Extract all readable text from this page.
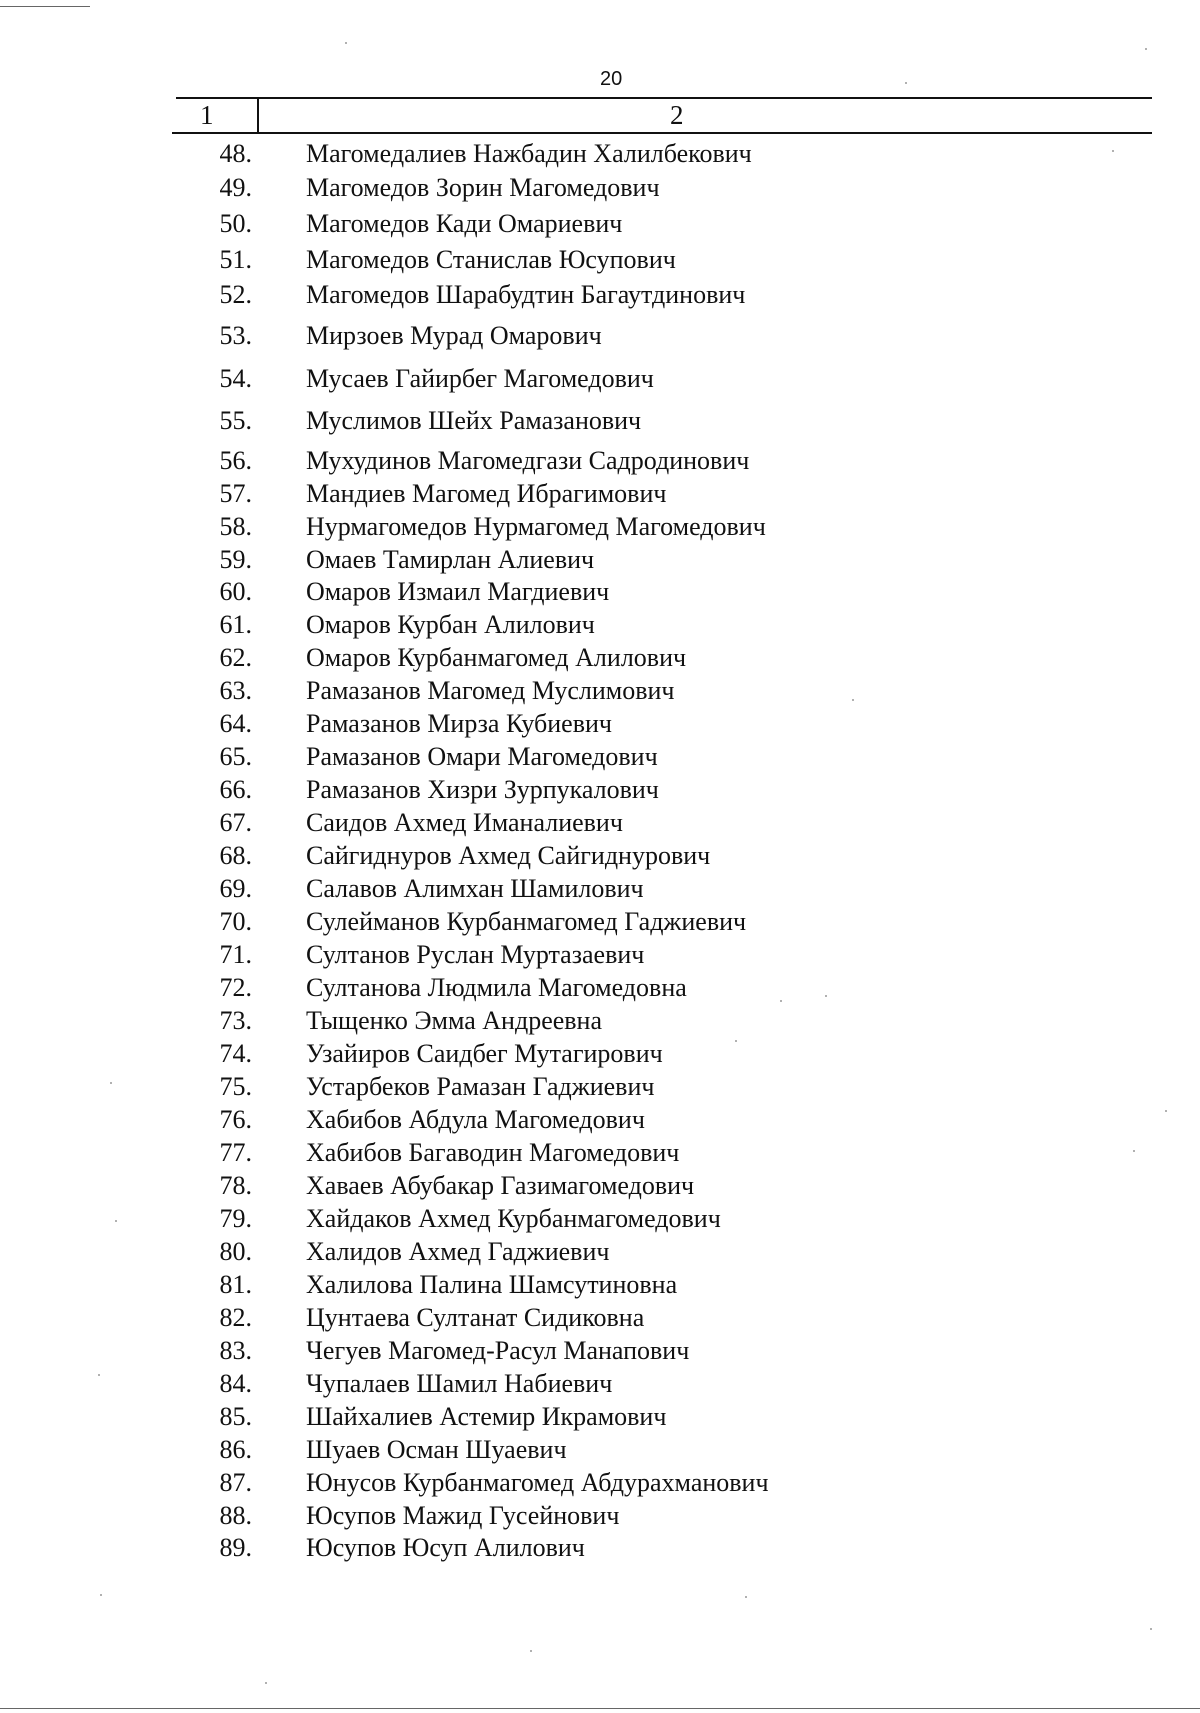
20
1	2
48. Магомедалиев Нажбадин Халилбекович
49. Магомедов Зорин Магомедович
50. Магомедов Кади Омариевич
51. Магомедов Станислав Юсупович
52. Магомедов Шарабудтин Багаутдинович
53. Мирзоев Мурад Омарович
54. Мусаев Гайирбег Магомедович
55. Муслимов Шейх Рамазанович
56. Мухудинов Магомедгази Садродинович
57. Мандиев Магомед Ибрагимович
58. Нурмагомедов Нурмагомед Магомедович
59. Омаев Тамирлан Алиевич
60. Омаров Измаил Магдиевич
61. Омаров Курбан Алилович
62. Омаров Курбанмагомед Алилович
63. Рамазанов Магомед Муслимович
64. Рамазанов Мирза Кубиевич
65. Рамазанов Омари Магомедович
66. Рамазанов Хизри Зурпукалович
67. Саидов Ахмед Иманалиевич
68. Сайгиднуров Ахмед Сайгиднурович
69. Салавов Алимхан Шамилович
70. Сулейманов Курбанмагомед Гаджиевич
71. Султанов Руслан Муртазаевич
72. Султанова Людмила Магомедовна
73. Тыщенко Эмма Андреевна
74. Узайиров Саидбег Мутагирович
75. Устарбеков Рамазан Гаджиевич
76. Хабибов Абдула Магомедович
77. Хабибов Багаводин Магомедович
78. Хаваев Абубакар Газимагомедович
79. Хайдаков Ахмед Курбанмагомедович
80. Халидов Ахмед Гаджиевич
81. Халилова Палина Шамсутиновна
82. Цунтаева Султанат Сидиковна
83. Чегуев Магомед-Расул Манапович
84. Чупалаев Шамил Набиевич
85. Шайхалиев Астемир Икрамович
86. Шуаев Осман Шуаевич
87. Юнусов Курбанмагомед Абдурахманович
88. Юсупов Мажид Гусейнович
89. Юсупов Юсуп Алилович
